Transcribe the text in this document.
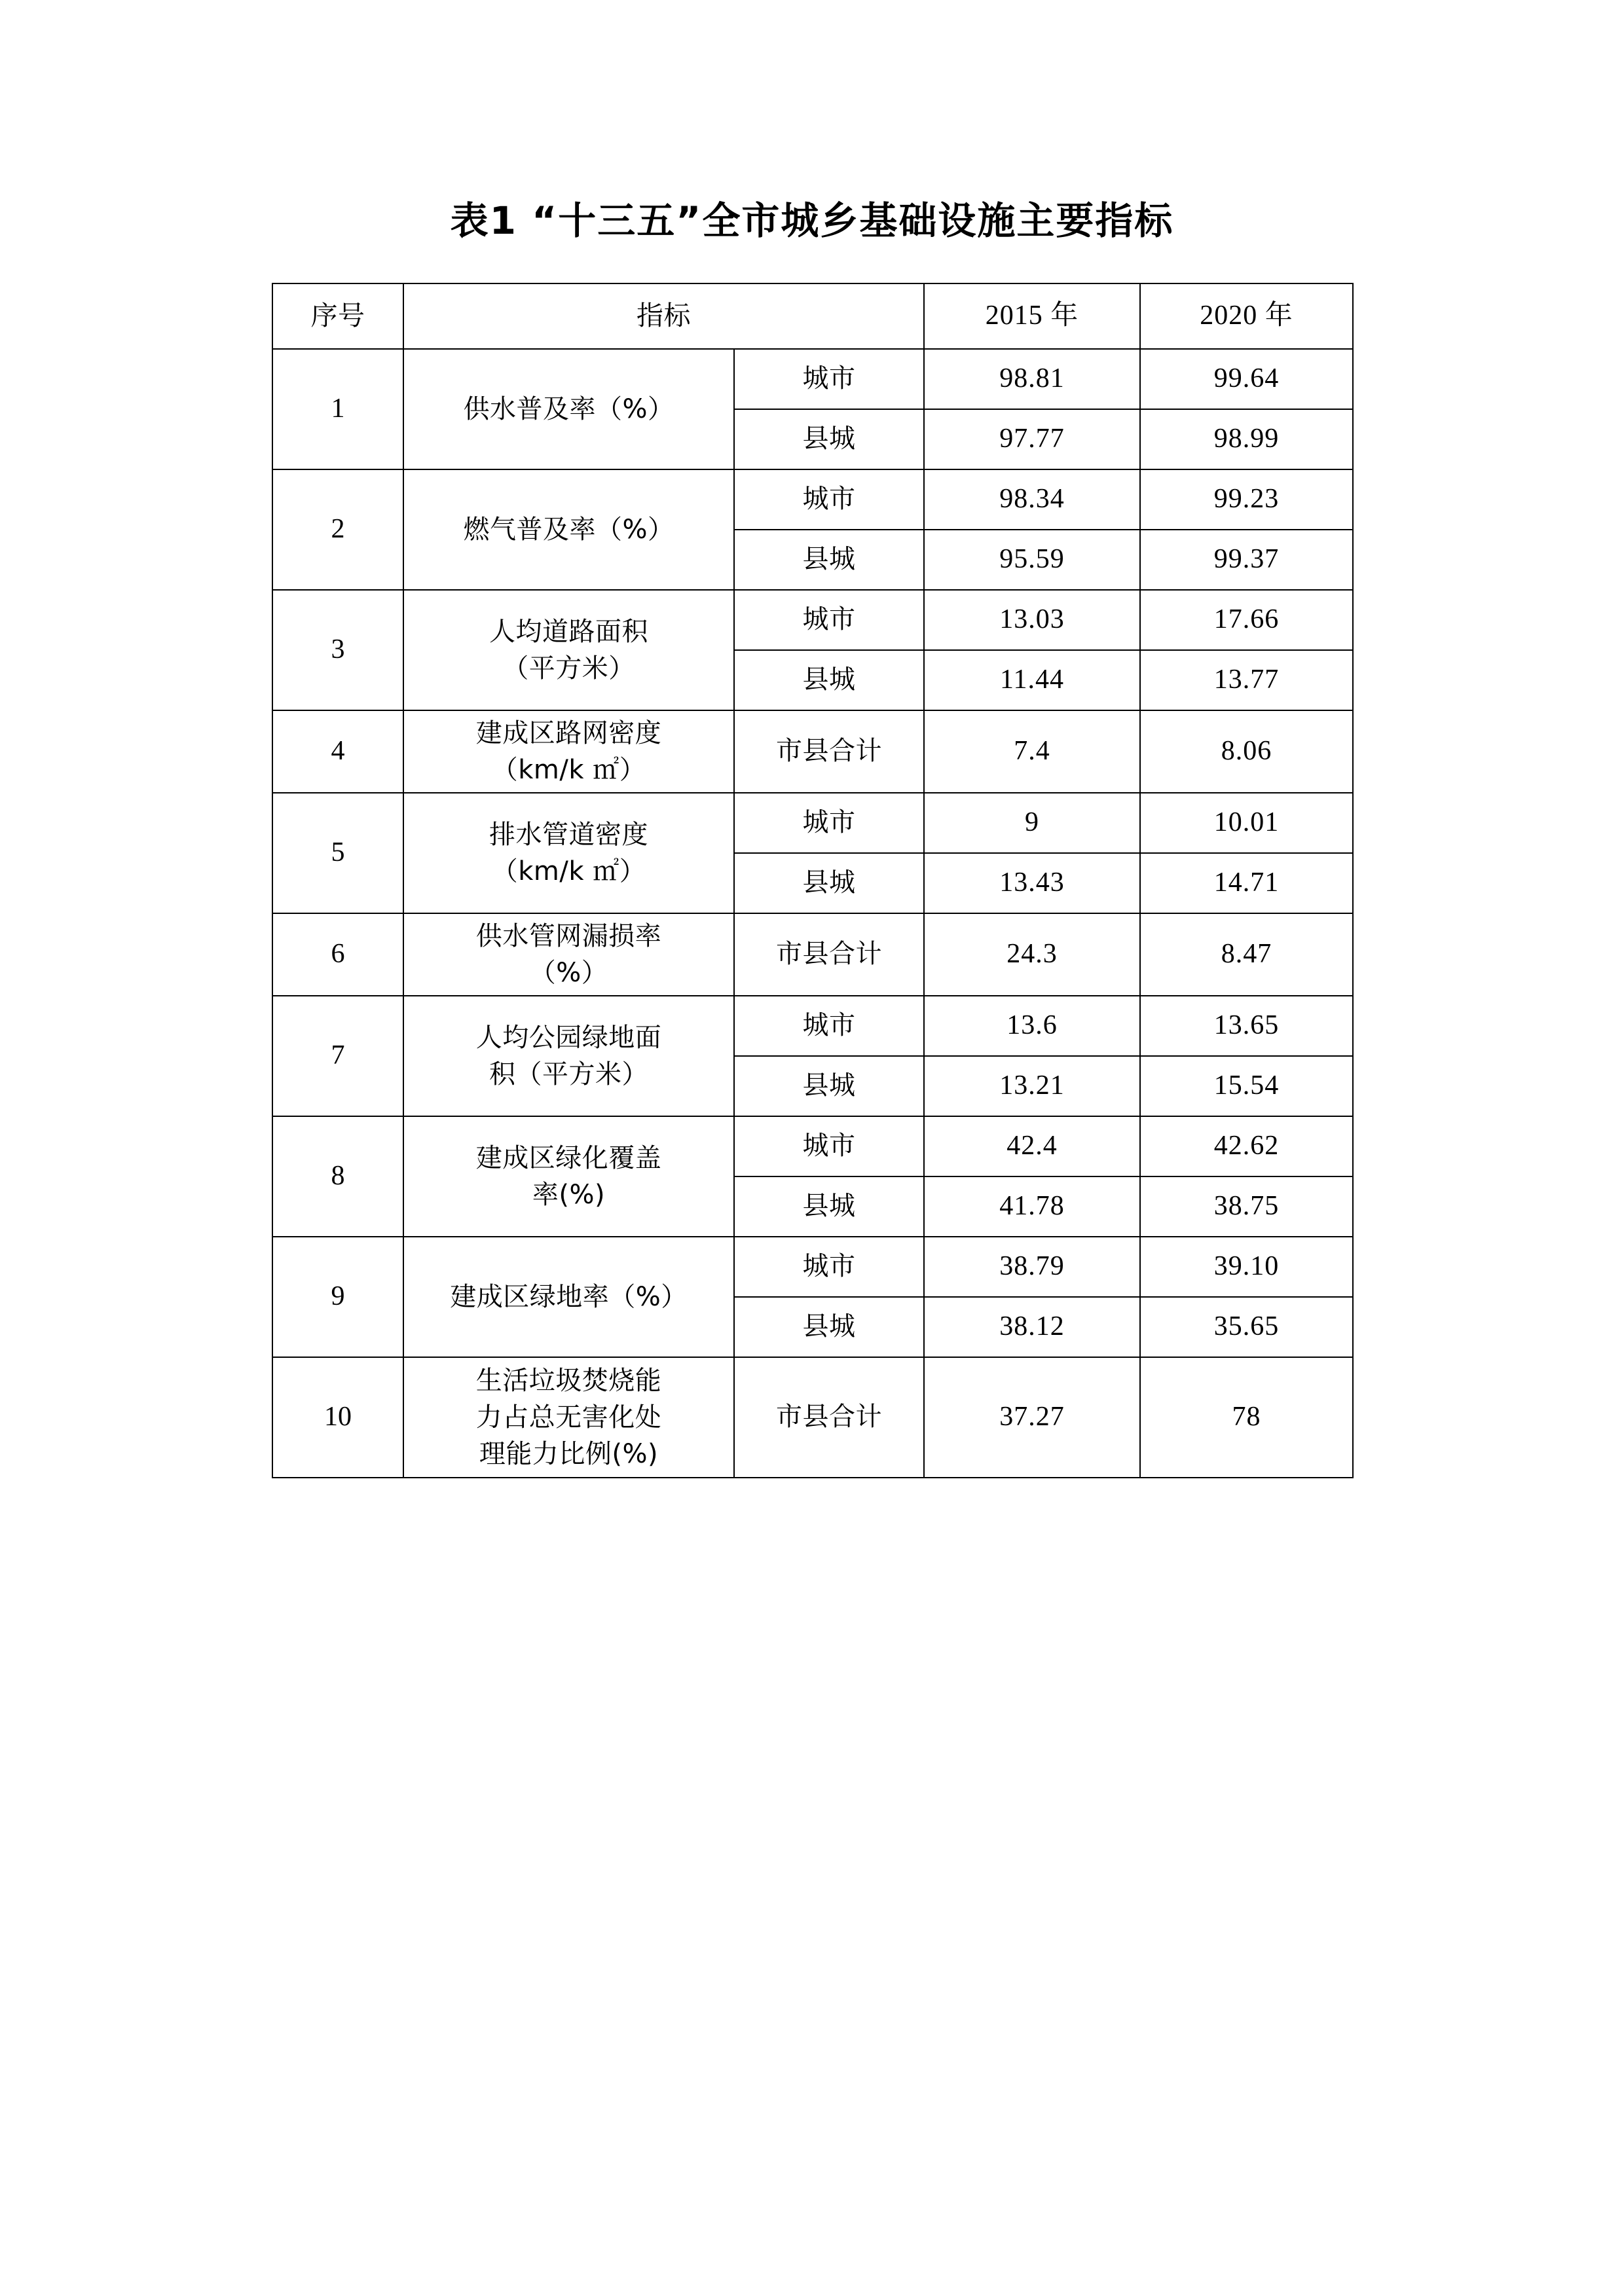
表1 “十三五”全市城乡基础设施主要指标
序号	指标		2015 年	2020 年
1	供水普及率（%）	城市	98.81	99.64
		县城	97.77	98.99
2	燃气普及率（%）	城市	98.34	99.23
		县城	95.59	99.37
3	人均道路面积
（平方米）	城市	13.03	17.66
		县城	11.44	13.77
4	建成区路网密度
（km/k ㎡）	市县合计	7.4	8.06
5	排水管道密度
（km/k ㎡）	城市	9	10.01
		县城	13.43	14.71
6	供水管网漏损率
（%）	市县合计	24.3	8.47
7	人均公园绿地面
积（平方米）	城市	13.6	13.65
		县城	13.21	15.54
8	建成区绿化覆盖
率(%)	城市	42.4	42.62
		县城	41.78	38.75
9	建成区绿地率（%）	城市	38.79	39.10
		县城	38.12	35.65
10	生活垃圾焚烧能
力占总无害化处
理能力比例(%)	市县合计	37.27	78
